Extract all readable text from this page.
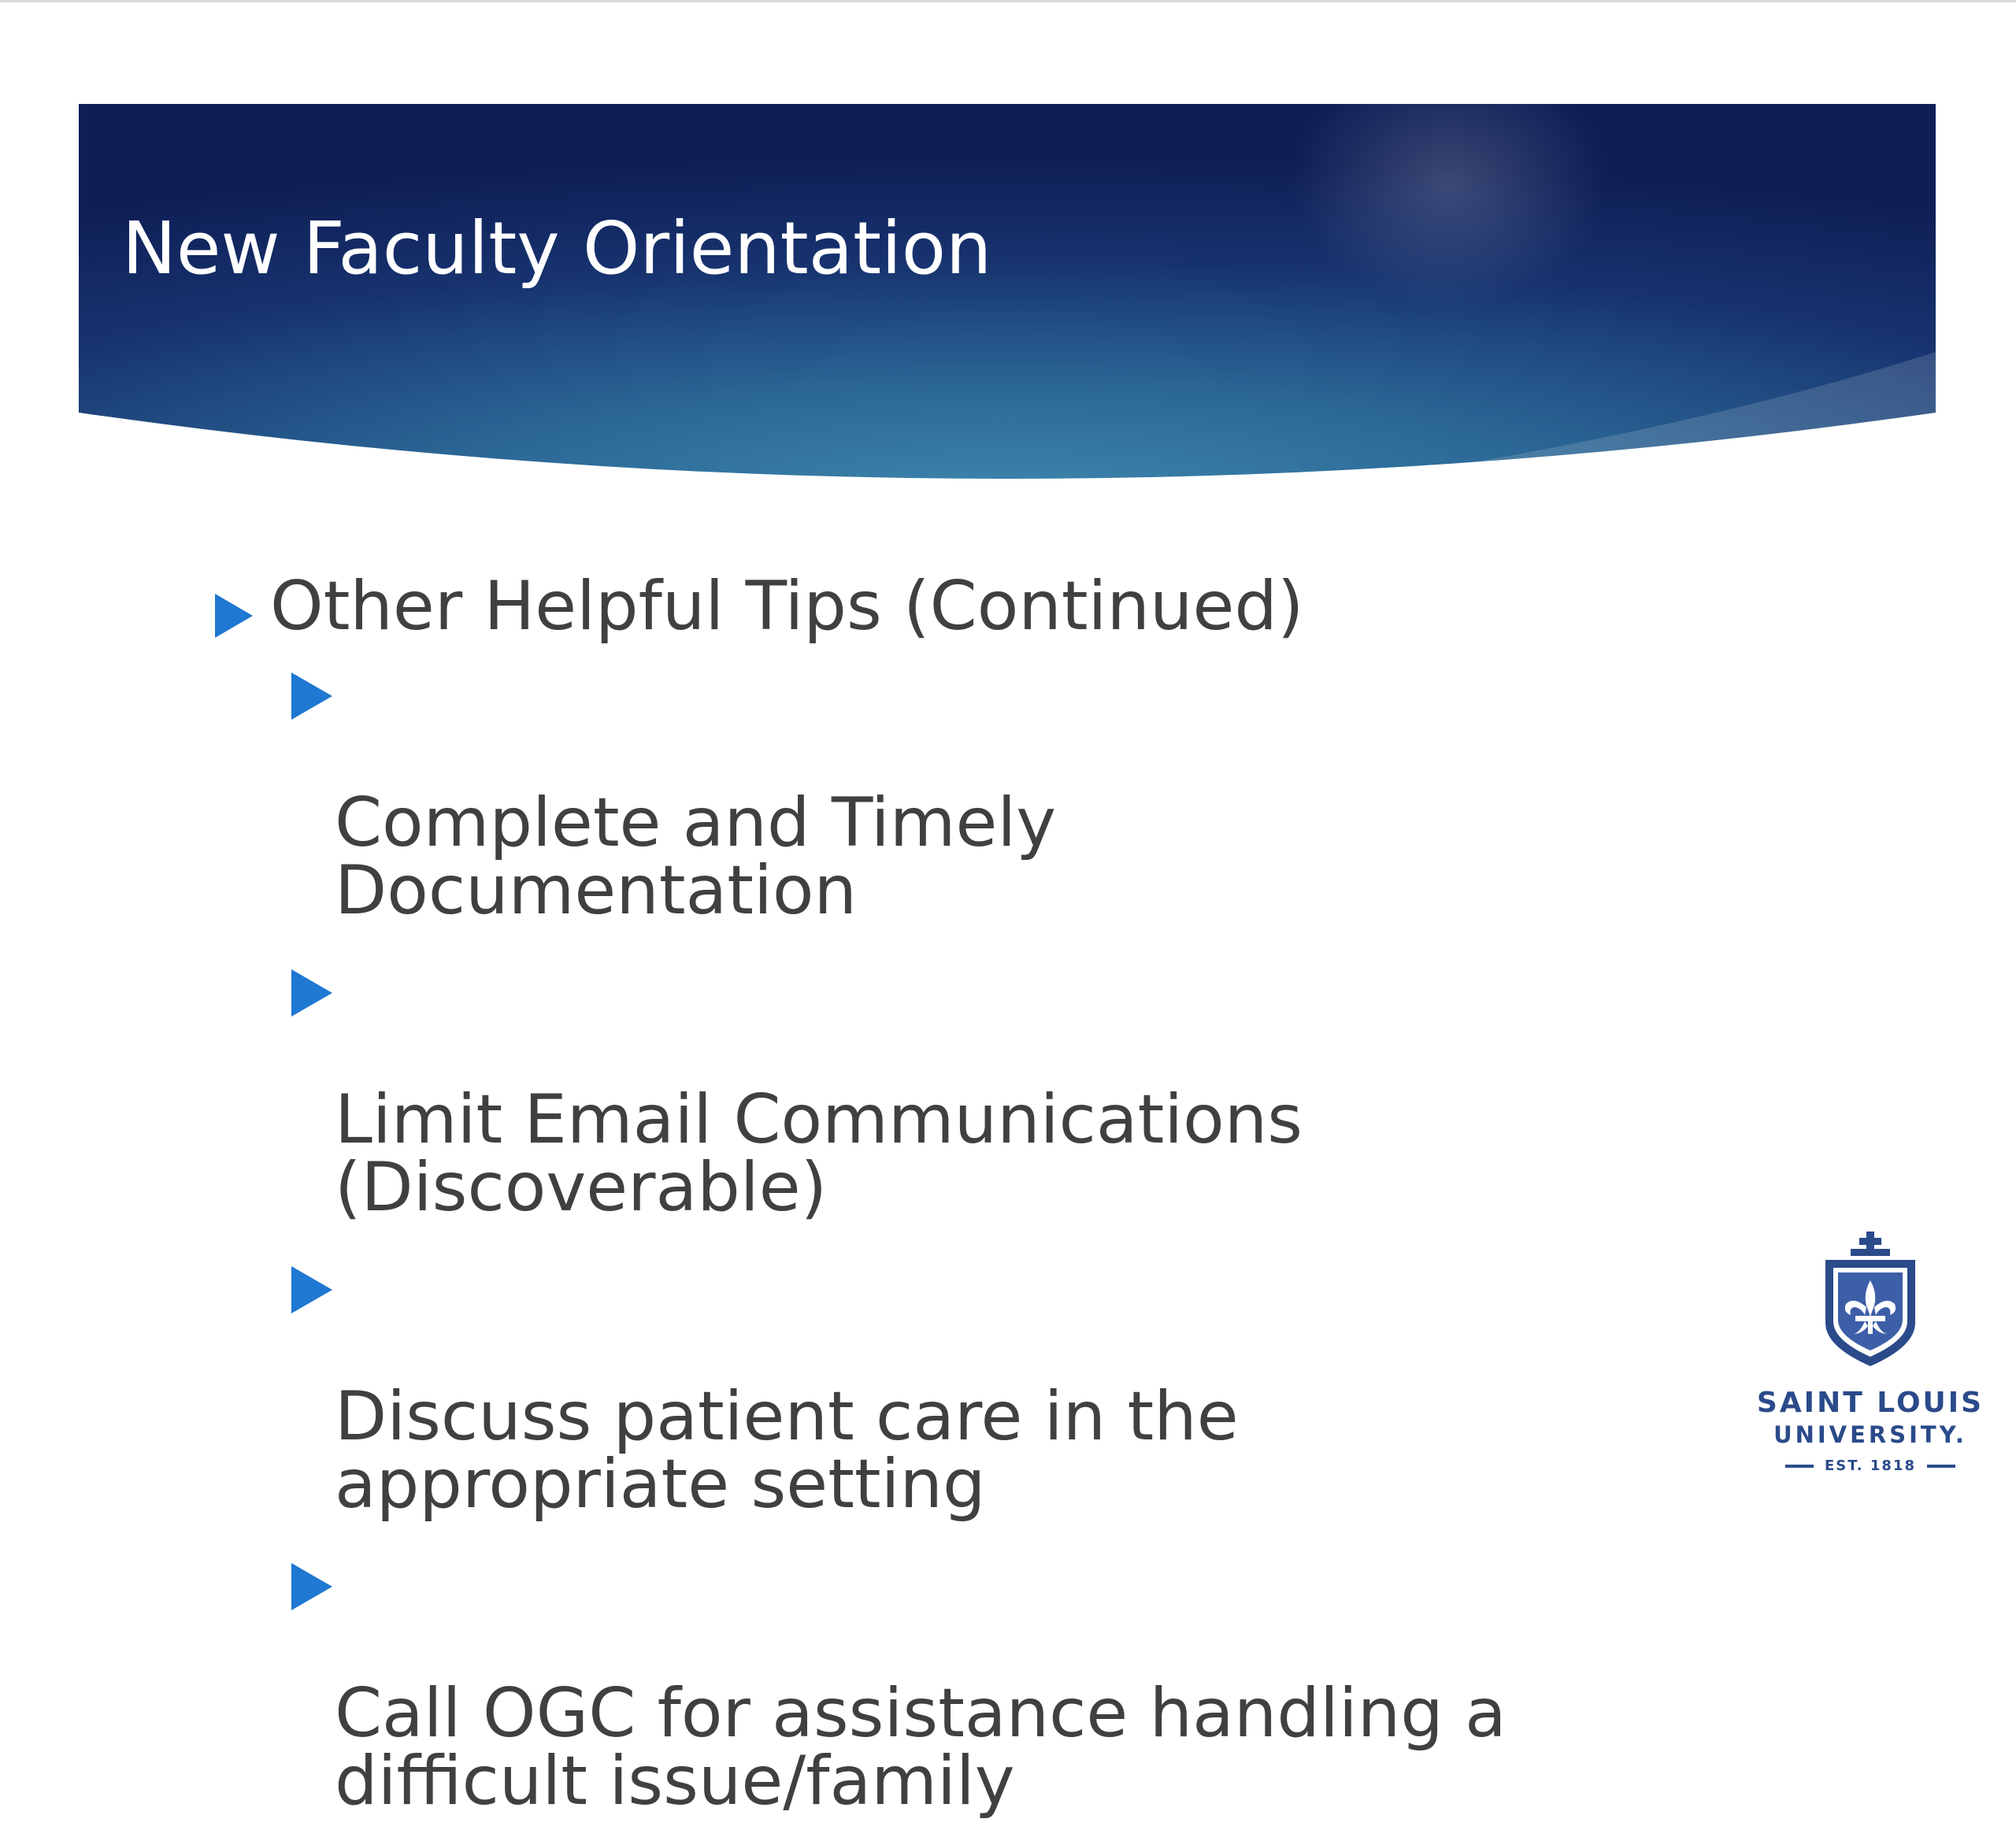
New Faculty Orientation
Other Helpful Tips (Continued)

Complete and Timely
Documentation

Limit Email Communications
(Discoverable)

Discuss patient care in the
appropriate setting

Call OGC for assistance handling a
difficult issue/family

SAINT LOUIS
UNIVERSITY.
EST. 1818
